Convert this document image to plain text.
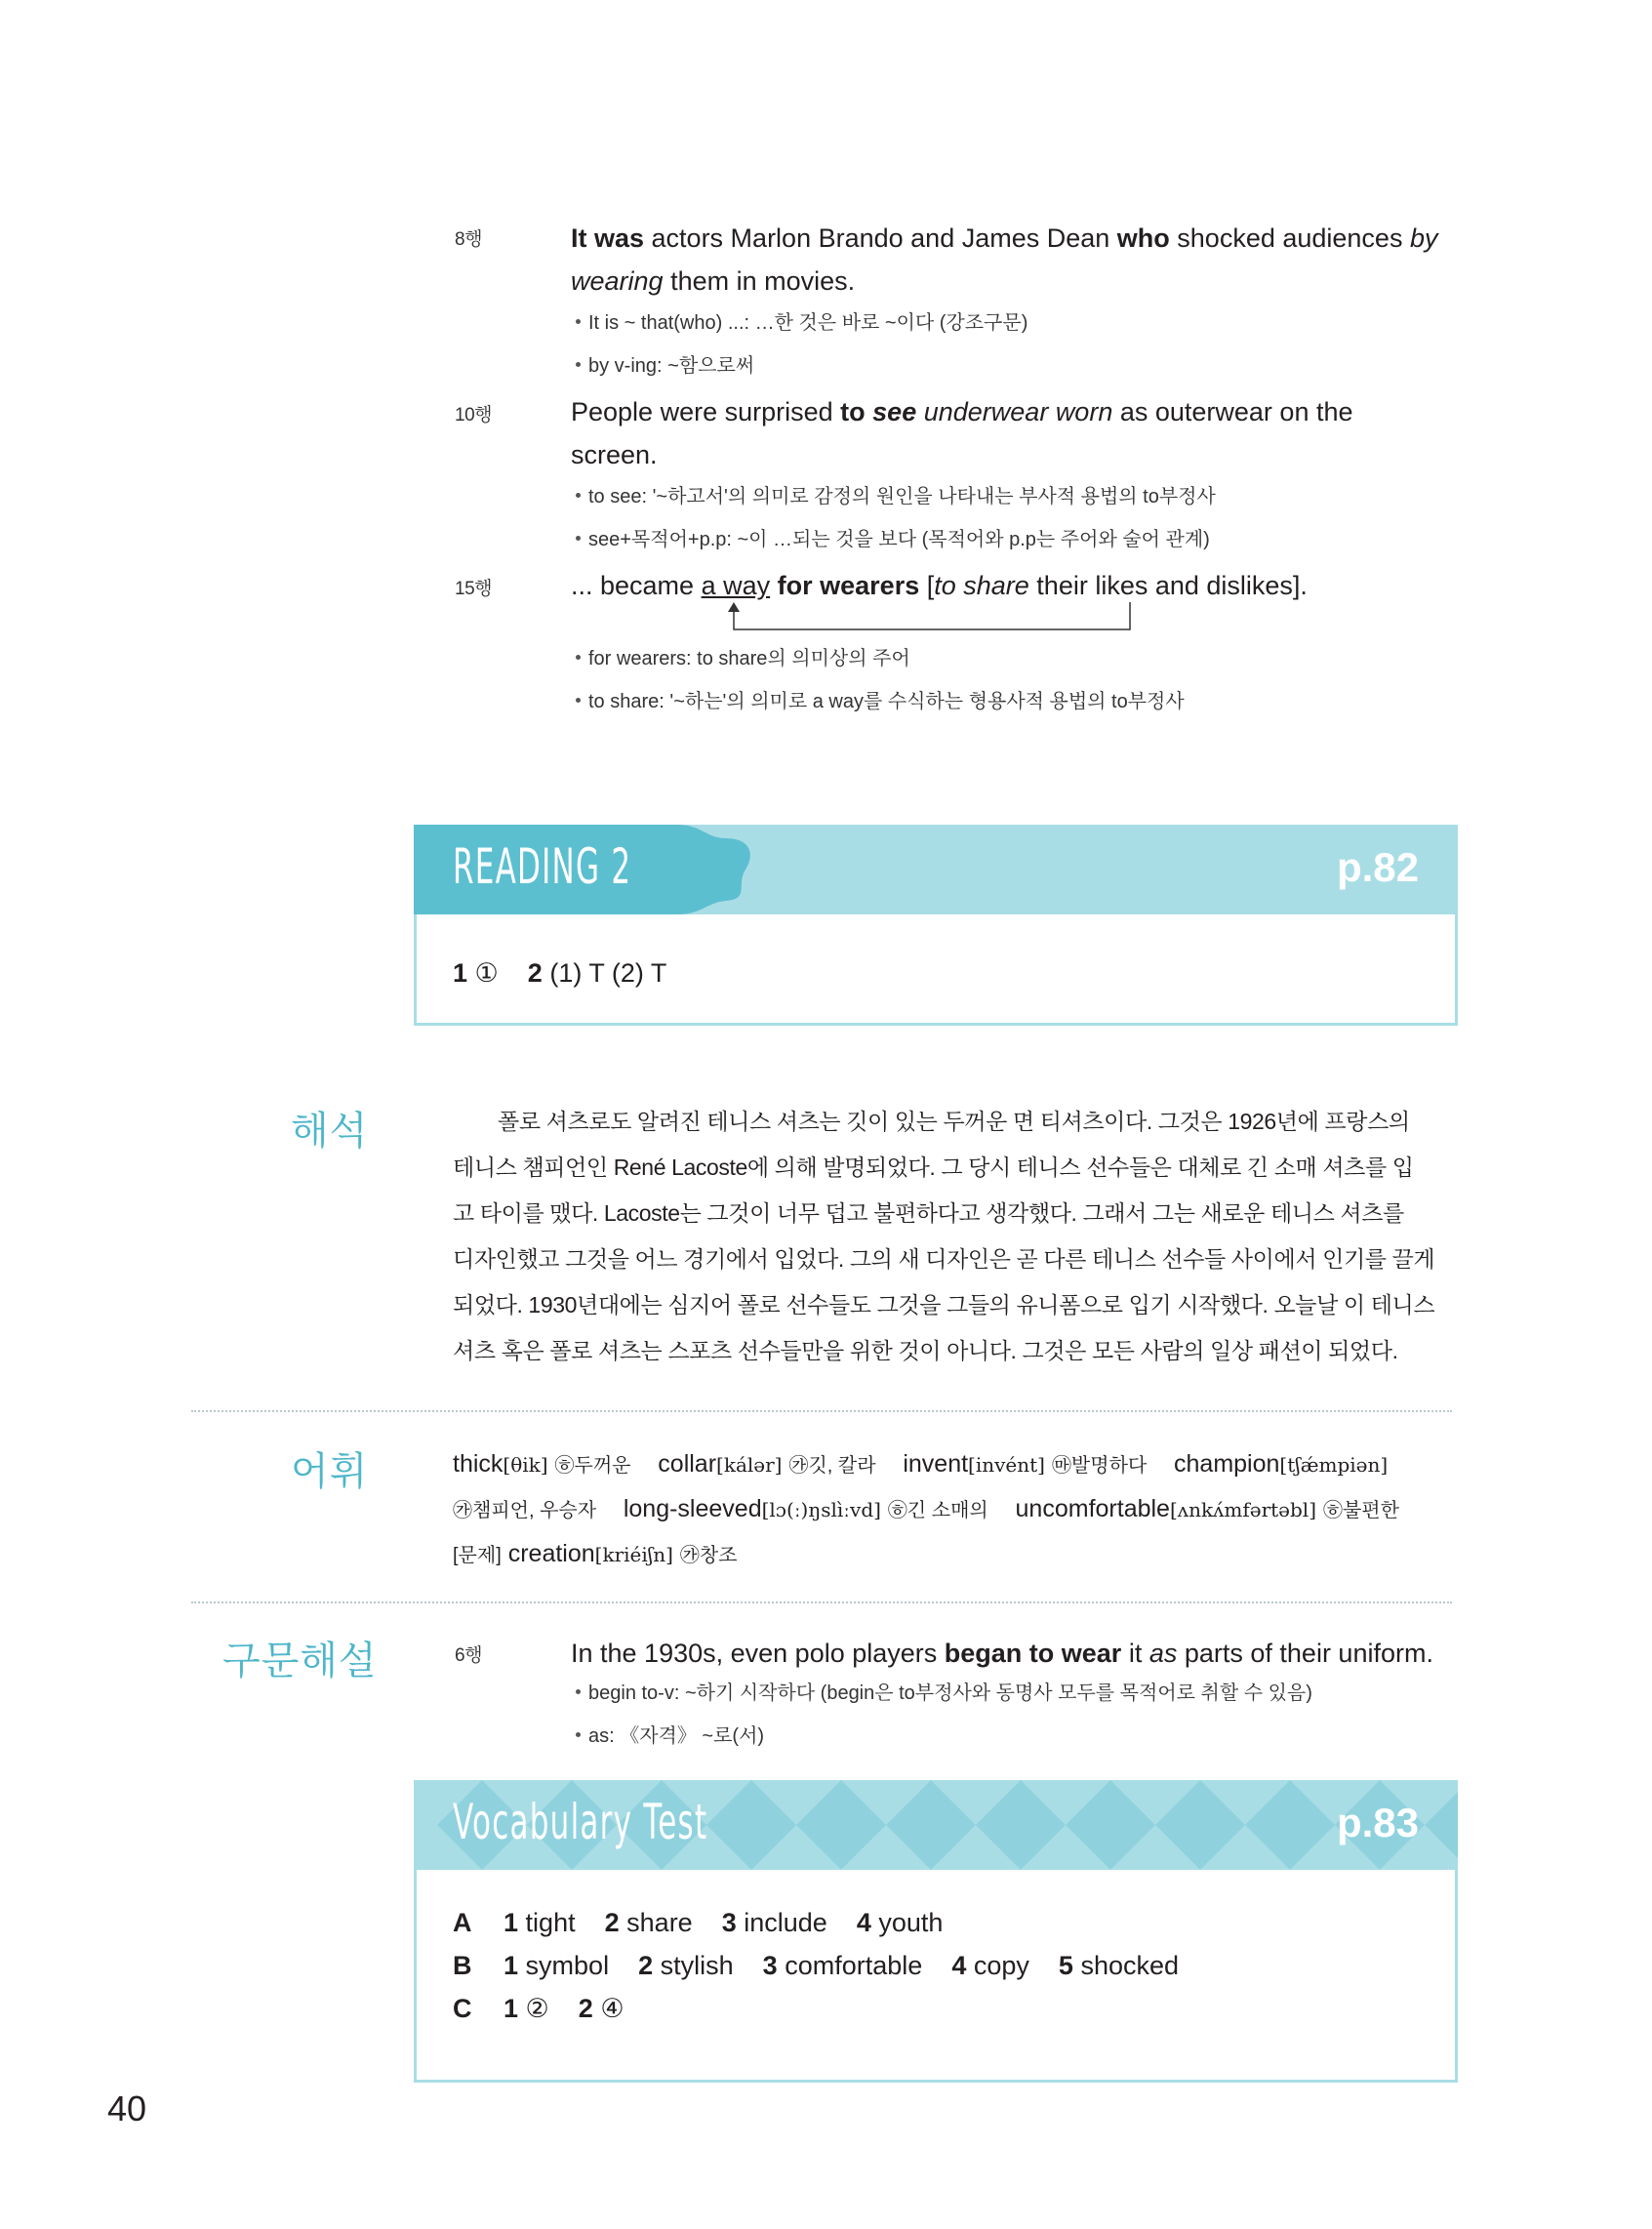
8행	It was actors Marlon Brando and James Dean who shocked audiences by
wearing them in movies.
It is ~ that(who) ...: …한 것은 바로 ~이다 (강조구문)
by v-ing: ~함으로써
10행	People were surprised to see underwear worn as outerwear on the
screen.
to see: '~하고서'의 의미로 감정의 원인을 나타내는 부사적 용법의 to부정사
see+목적어+p.p: ~이 …되는 것을 보다 (목적어와 p.p는 주어와 술어 관계)
15행	... became a way for wearers [to share their likes and dislikes].
for wearers: to share의 의미상의 주어
to share: '~하는'의 의미로 a way를 수식하는 형용사적 용법의 to부정사
READING 2	p.82
1 ① 2 (1) T (2) T
해석	폴로 셔츠로도 알려진 테니스 셔츠는 깃이 있는 두꺼운 면 티셔츠이다. 그것은 1926년에 프랑스의
테니스 챔피언인 René Lacoste에 의해 발명되었다. 그 당시 테니스 선수들은 대체로 긴 소매 셔츠를 입
고 타이를 맸다. Lacoste는 그것이 너무 덥고 불편하다고 생각했다. 그래서 그는 새로운 테니스 셔츠를
디자인했고 그것을 어느 경기에서 입었다. 그의 새 디자인은 곧 다른 테니스 선수들 사이에서 인기를 끌게
되었다. 1930년대에는 심지어 폴로 선수들도 그것을 그들의 유니폼으로 입기 시작했다. 오늘날 이 테니스
셔츠 혹은 폴로 셔츠는 스포츠 선수들만을 위한 것이 아니다. 그것은 모든 사람의 일상 패션이 되었다.
어휘	thick[θik] ㉭두꺼운 collar[kálər] ㉮깃, 칼라 invent[invént] ㉲발명하다 champion[tʃǽmpiən]
㉮챔피언, 우승자 long-sleeved[lɔ(ː)ŋslìːvd] ㉭긴 소매의 uncomfortable[ʌnkʌ́mfərtəbl] ㉭불편한
[문제] creation[kriéiʃn] ㉮창조
구문해설	6행	In the 1930s, even polo players began to wear it as parts of their uniform.
begin to-v: ~하기 시작하다 (begin은 to부정사와 동명사 모두를 목적어로 취할 수 있음)
as: 《자격》 ~로(서)
Vocabulary Test	p.83
A 1 tight 2 share 3 include 4 youth
B 1 symbol 2 stylish 3 comfortable 4 copy 5 shocked
C 1 ② 2 ④
40
